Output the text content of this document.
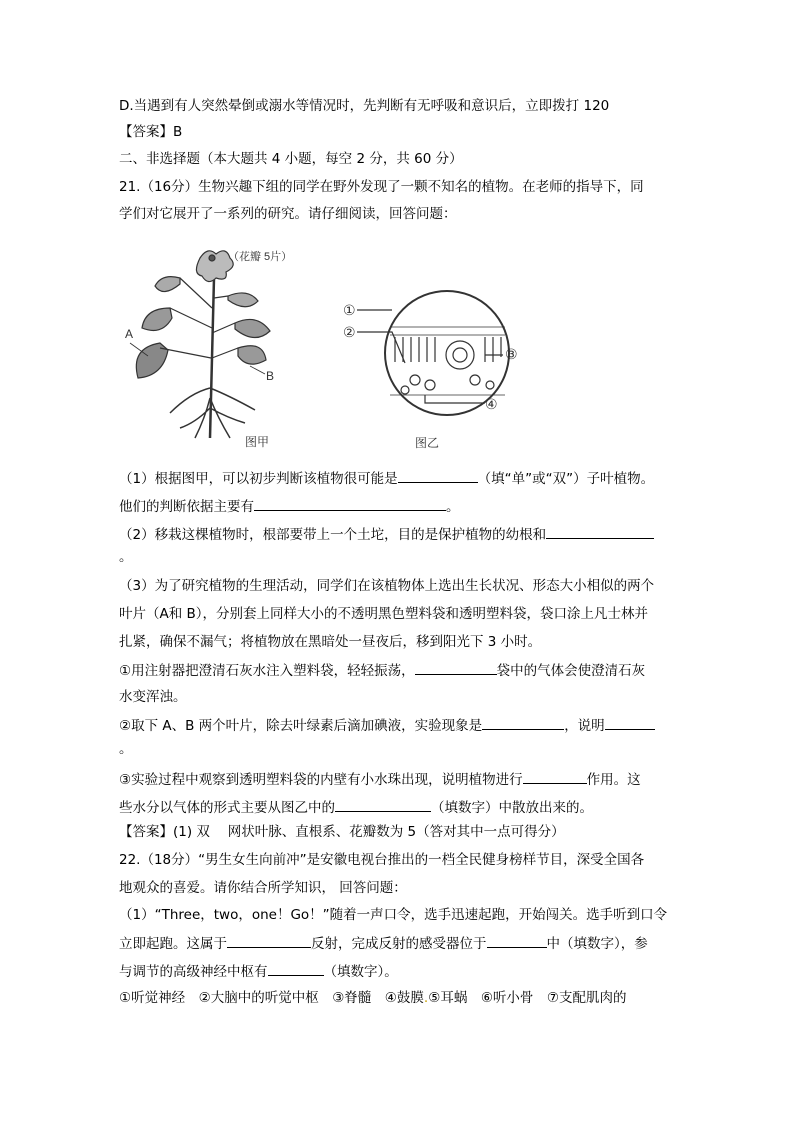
D.当遇到有人突然晕倒或溺水等情况时，先判断有无呼吸和意识后，立即拨打 120
【答案】B
二、非选择题（本大题共 4 小题，每空 2 分，共 60 分）
21.（16分）生物兴趣下组的同学在野外发现了一颗不知名的植物。在老师的指导下，同
学们对它展开了一系列的研究。请仔细阅读，回答问题：
（花瓣 5片）
A
B
图甲
①
②
③
④
图乙
（1）根据图甲，可以初步判断该植物很可能是	（填“单”或“双”）子叶植物。
他们的判断依据主要有	。
（2）移栽这棵植物时，根部要带上一个土坨，目的是保护植物的幼根和
。
（3）为了研究植物的生理活动，同学们在该植物体上选出生长状况、形态大小相似的两个
叶片（A和 B），分别套上同样大小的不透明黑色塑料袋和透明塑料袋，袋口涂上凡士林并
扎紧，确保不漏气；将植物放在黑暗处一昼夜后，移到阳光下 3 小时。
①用注射器把澄清石灰水注入塑料袋，轻轻振荡，	袋中的气体会使澄清石灰
水变浑浊。
②取下 A、B 两个叶片，除去叶绿素后滴加碘液，实验现象是	，说明
。
③实验过程中观察到透明塑料袋的内壁有小水珠出现，说明植物进行	作用。这
些水分以气体的形式主要从图乙中的	（填数字）中散放出来的。
【答案】(1) 双　 网状叶脉、直根系、花瓣数为 5（答对其中一点可得分）
22.（18分）“男生女生向前冲”是安徽电视台推出的一档全民健身榜样节目，深受全国各
地观众的喜爱。请你结合所学知识， 回答问题：
（1）“Three，two，one！Go！”随着一声口令，选手迅速起跑，开始闯关。选手听到口令
立即起跑。这属于	反射，完成反射的感受器位于	中（填数字），参
与调节的高级神经中枢有	（填数字）。
①听觉神经　②大脑中的听觉中枢　③脊髓　④鼓膜.⑤耳蜗　⑥听小骨　⑦支配肌肉的
